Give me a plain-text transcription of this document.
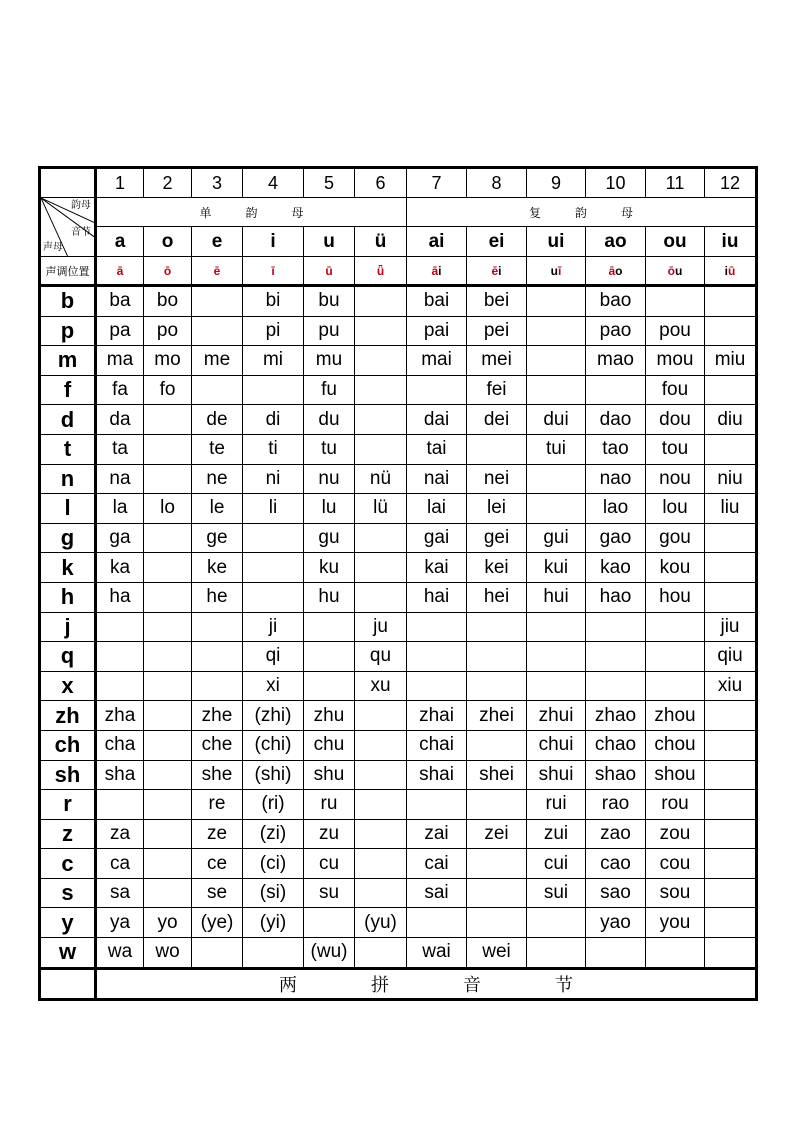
	1	2	3	4	5	6	7	8	9	10	11	12

韵母
音节
声母	单韵母						复韵母					
	a	o	e	i	u	ü	ai	ei	ui	ao	ou	iu
声调位置	ā	ō	ē	ī	ū	ǖ	āi	ēi	uī	āo	ōu	iū
b	ba	bo		bi	bu		bai	bei		bao		
p	pa	po		pi	pu		pai	pei		pao	pou	
m	ma	mo	me	mi	mu		mai	mei		mao	mou	miu
f	fa	fo			fu			fei			fou	
d	da		de	di	du		dai	dei	dui	dao	dou	diu
t	ta		te	ti	tu		tai		tui	tao	tou	
n	na		ne	ni	nu	nü	nai	nei		nao	nou	niu
l	la	lo	le	li	lu	lü	lai	lei		lao	lou	liu
g	ga		ge		gu		gai	gei	gui	gao	gou	
k	ka		ke		ku		kai	kei	kui	kao	kou	
h	ha		he		hu		hai	hei	hui	hao	hou	
j				ji		ju						jiu
q				qi		qu						qiu
x				xi		xu						xiu
zh	zha		zhe	(zhi)	zhu		zhai	zhei	zhui	zhao	zhou	
ch	cha		che	(chi)	chu		chai		chui	chao	chou	
sh	sha		she	(shi)	shu		shai	shei	shui	shao	shou	
r			re	(ri)	ru				rui	rao	rou	
z	za		ze	(zi)	zu		zai	zei	zui	zao	zou	
c	ca		ce	(ci)	cu		cai		cui	cao	cou	
s	sa		se	(si)	su		sai		sui	sao	sou	
y	ya	yo	(ye)	(yi)		(yu)				yao	you	
w	wa	wo			(wu)		wai	wei				
	两拼音节											
